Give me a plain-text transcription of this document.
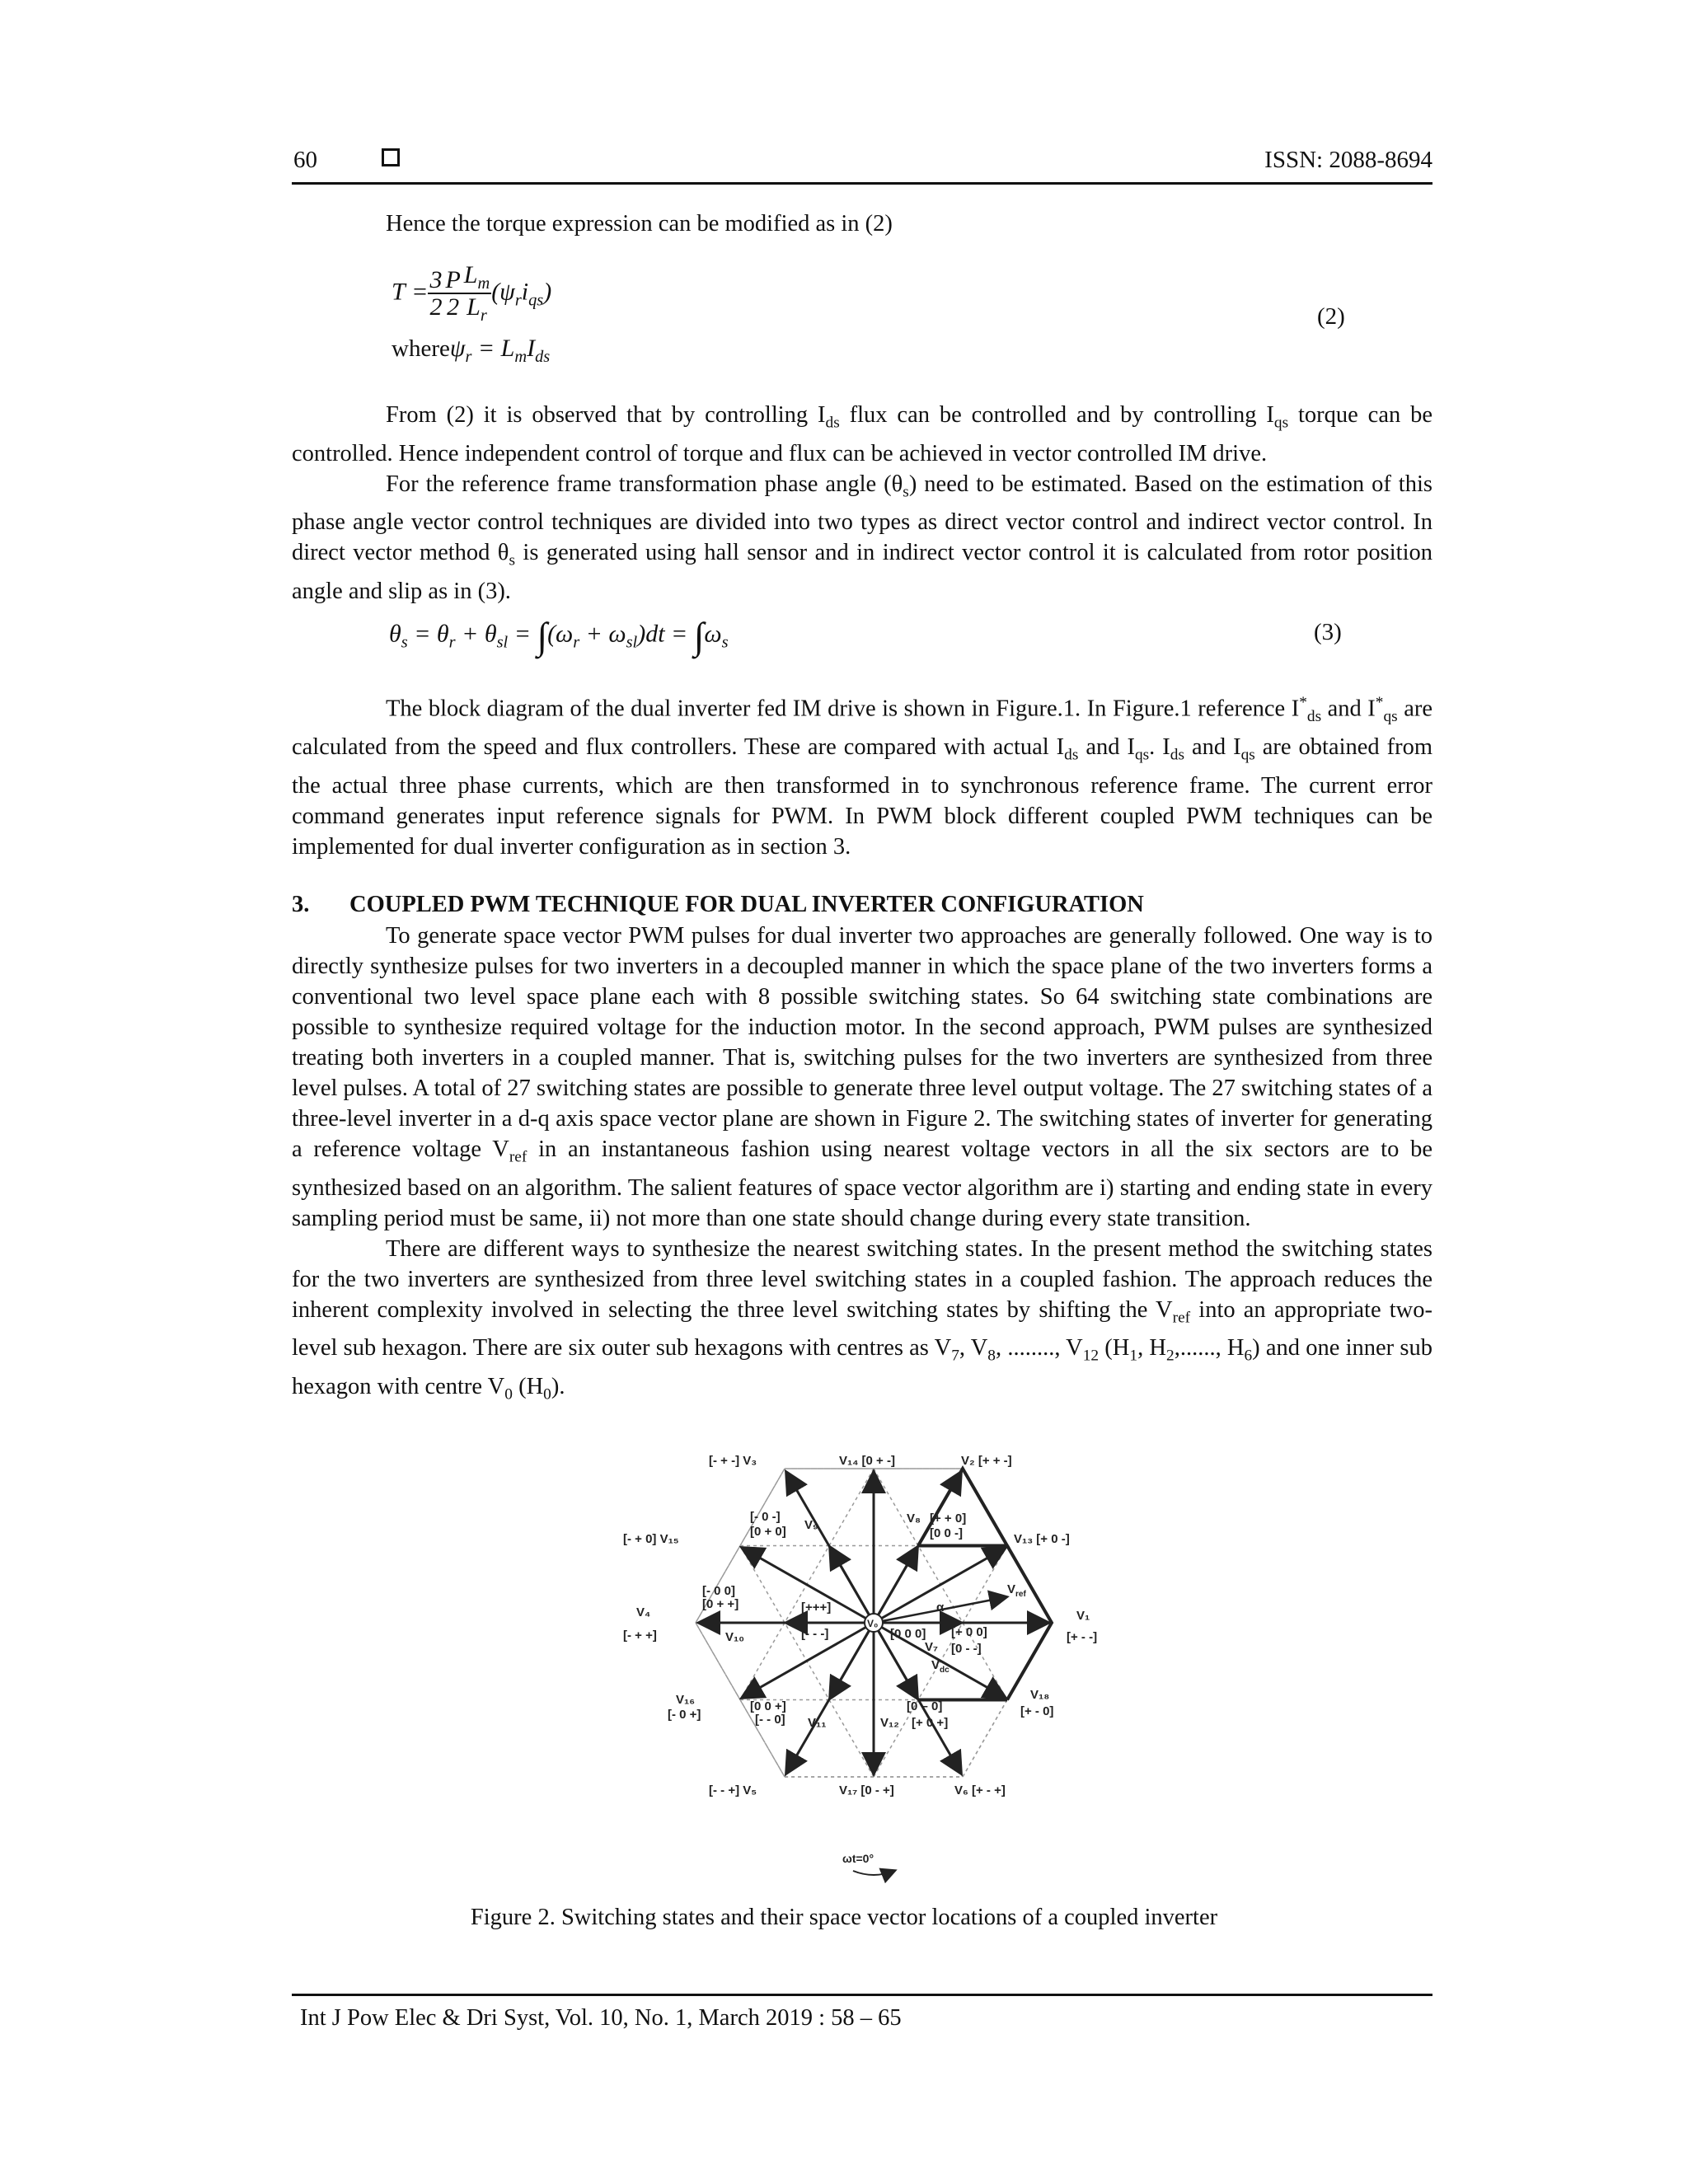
60	ISSN: 2088-8694

Hence the torque expression can be modified as in (2)

$T = \frac{3}{2} \frac{P}{2} \frac{L_m}{L_r} (\psi_ri_{qs})$
whereψ$_r$ = $L_mI_{ds}$
(2)

From (2) it is observed that by controlling $I_{ds}$ flux can be controlled and by controlling $I_{qs}$ torque can be controlled. Hence independent control of torque and flux can be achieved in vector controlled IM drive.

For the reference frame transformation phase angle $(\theta_s)$ need to be estimated. Based on the estimation of this phase angle vector control techniques are divided into two types as direct vector control and indirect vector control. In direct vector method $\theta_s$ is generated using hall sensor and in indirect vector control it is calculated from rotor position angle and slip as in (3).

$\theta_s = \theta_r + \theta_{sl} = \int(\omega_r + \omega_{sl})dt = \int\omega_s$	(3)

The block diagram of the dual inverter fed IM drive is shown in Figure.1. In Figure.1 reference $I^*_{ds}$ and $I^*_{qs}$ are calculated from the speed and flux controllers. These are compared with actual $I_{ds}$ and $I_{qs}$. $I_{ds}$ and $I_{qs}$ are obtained from the actual three phase currents, which are then transformed in to synchronous reference frame. The current error command generates input reference signals for PWM. In PWM block different coupled PWM techniques can be implemented for dual inverter configuration as in section 3.

3. COUPLED PWM TECHNIQUE FOR DUAL INVERTER CONFIGURATION

To generate space vector PWM pulses for dual inverter two approaches are generally followed. One way is to directly synthesize pulses for two inverters in a decoupled manner in which the space plane of the two inverters forms a conventional two level space plane each with 8 possible switching states. So 64 switching state combinations are possible to synthesize required voltage for the induction motor. In the second approach, PWM pulses are synthesized treating both inverters in a coupled manner. That is, switching pulses for the two inverters are synthesized from three level pulses. A total of 27 switching states are possible to generate three level output voltage. The 27 switching states of a three-level inverter in a d-q axis space vector plane are shown in Figure 2. The switching states of inverter for generating a reference voltage $V_{ref}$ in an instantaneous fashion using nearest voltage vectors in all the six sectors are to be synthesized based on an algorithm. The salient features of space vector algorithm are i) starting and ending state in every sampling period must be same, ii) not more than one state should change during every state transition.

There are different ways to synthesize the nearest switching states. In the present method the switching states for the two inverters are synthesized from three level switching states in a coupled fashion. The approach reduces the inherent complexity involved in selecting the three level switching states by shifting the $V_{ref}$ into an appropriate two-level sub hexagon. There are six outer sub hexagons with centres as $V_7$, $V_8$, ........, $V_{12}$ ($H_1$, $H_2$,......, $H_6$) and one inner sub hexagon with centre $V_0$ $(H_0)$.

[- + -] V₃	V₁₄ [0 + -]	V₂ [+ + -]
[- + 0] V₁₅	V₁₃ [+ 0 -]
[- 0 -]
[0 + 0] V₉	V₈ [+ + 0]
[0 0 -]
[- 0 0]
[0 + +]
V₁₀
V₄
[- + +]
[+++]
[- - -]
V₀
[0 0 0]
α
$V_{ref}$
V₁
[+ - -]
[+ 0 0]
V₇ [0 - -]
$V_{dc}$
V₁₆
[- 0 +]
[0 0 +]
[- - 0] V₁₁
[0 – 0]
V₁₂ [+ 0 +]
V₁₈
[+ - 0]
[- - +] V₅	V₁₇ [0 - +]	V₆ [+ - +]
ωt=0°
Figure 2. Switching states and their space vector locations of a coupled inverter
Int J Pow Elec & Dri Syst, Vol. 10, No. 1, March 2019 : 58 – 65
